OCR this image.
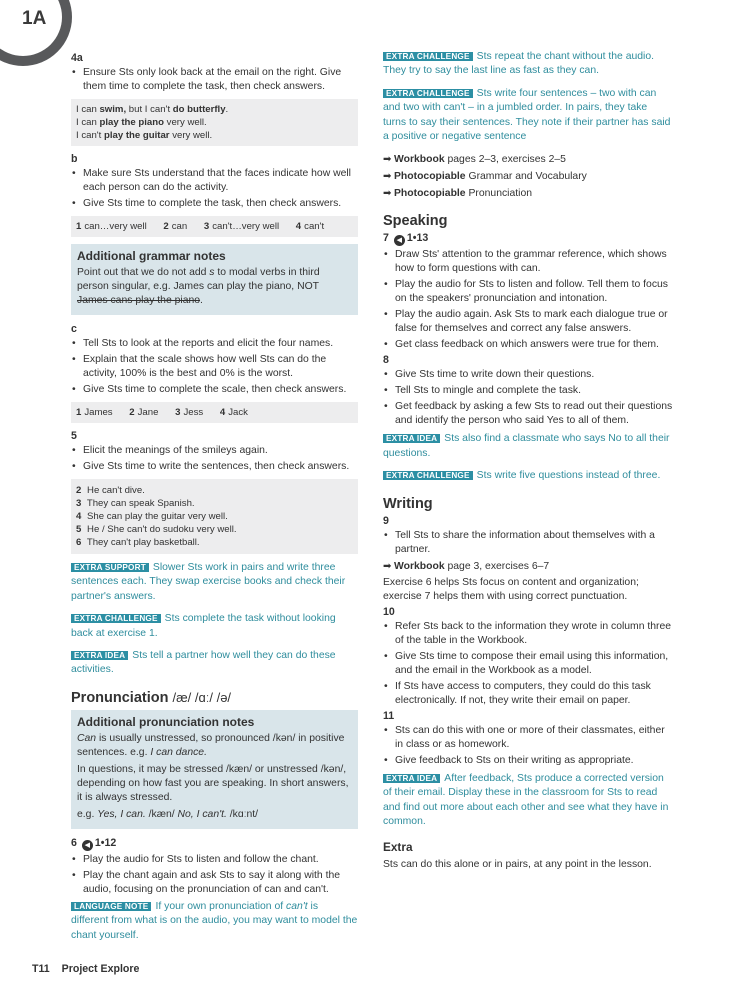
1A
4a
• Ensure Sts only look back at the email on the right. Give them time to complete the task, then check answers.
I can swim, but I can't do butterfly.
I can play the piano very well.
I can't play the guitar very well.
b
• Make sure Sts understand that the faces indicate how well each person can do the activity.
• Give Sts time to complete the task, then check answers.
1 can…very well 2 can 3 can't…very well 4 can't
Additional grammar notes
Point out that we do not add s to modal verbs in third person singular, e.g. James can play the piano, NOT James cans play the piano.
c
• Tell Sts to look at the reports and elicit the four names.
• Explain that the scale shows how well Sts can do the activity, 100% is the best and 0% is the worst.
• Give Sts time to complete the scale, then check answers.
1 James 2 Jane 3 Jess 4 Jack
5
• Elicit the meanings of the smileys again.
• Give Sts time to write the sentences, then check answers.
2 He can't dive.
3 They can speak Spanish.
4 She can play the guitar very well.
5 He / She can't do sudoku very well.
6 They can't play basketball.
EXTRA SUPPORT Slower Sts work in pairs and write three sentences each. They swap exercise books and check their partner's answers.
EXTRA CHALLENGE Sts complete the task without looking back at exercise 1.
EXTRA IDEA Sts tell a partner how well they can do these activities.
Pronunciation /æ/ /ɑː/ /ə/
Additional pronunciation notes
Can is usually unstressed, so pronounced /kən/ in positive sentences. e.g. I can dance.
In questions, it may be stressed /kæn/ or unstressed /kən/, depending on how fast you are speaking. In short answers, it is always stressed.
e.g. Yes, I can. /kæn/ No, I can't. /kɑːnt/
6 ◀ 1•12
• Play the audio for Sts to listen and follow the chant.
• Play the chant again and ask Sts to say it along with the audio, focusing on the pronunciation of can and can't.
LANGUAGE NOTE If your own pronunciation of can't is different from what is on the audio, you may want to model the chant yourself.
EXTRA CHALLENGE Sts repeat the chant without the audio. They try to say the last line as fast as they can.
EXTRA CHALLENGE Sts write four sentences – two with can and two with can't – in a jumbled order. In pairs, they take turns to say their sentences. They note if their partner has said a positive or negative sentence
➡ Workbook pages 2–3, exercises 2–5
➡ Photocopiable Grammar and Vocabulary
➡ Photocopiable Pronunciation
Speaking
7 ◀ 1•13
• Draw Sts' attention to the grammar reference, which shows how to form questions with can.
• Play the audio for Sts to listen and follow. Tell them to focus on the speakers' pronunciation and intonation.
• Play the audio again. Ask Sts to mark each dialogue true or false for themselves and correct any false answers.
• Get class feedback on which answers were true for them.
8
• Give Sts time to write down their questions.
• Tell Sts to mingle and complete the task.
• Get feedback by asking a few Sts to read out their questions and identify the person who said Yes to all of them.
EXTRA IDEA Sts also find a classmate who says No to all their questions.
EXTRA CHALLENGE Sts write five questions instead of three.
Writing
9
• Tell Sts to share the information about themselves with a partner.
➡ Workbook page 3, exercises 6–7
Exercise 6 helps Sts focus on content and organization; exercise 7 helps them with using correct punctuation.
10
• Refer Sts back to the information they wrote in column three of the table in the Workbook.
• Give Sts time to compose their email using this information, and the email in the Workbook as a model.
• If Sts have access to computers, they could do this task electronically. If not, they write their email on paper.
11
• Sts can do this with one or more of their classmates, either in class or as homework.
• Give feedback to Sts on their writing as appropriate.
EXTRA IDEA After feedback, Sts produce a corrected version of their email. Display these in the classroom for Sts to read and find out more about each other and see what they have in common.
Extra
Sts can do this alone or in pairs, at any point in the lesson.
T11 Project Explore
